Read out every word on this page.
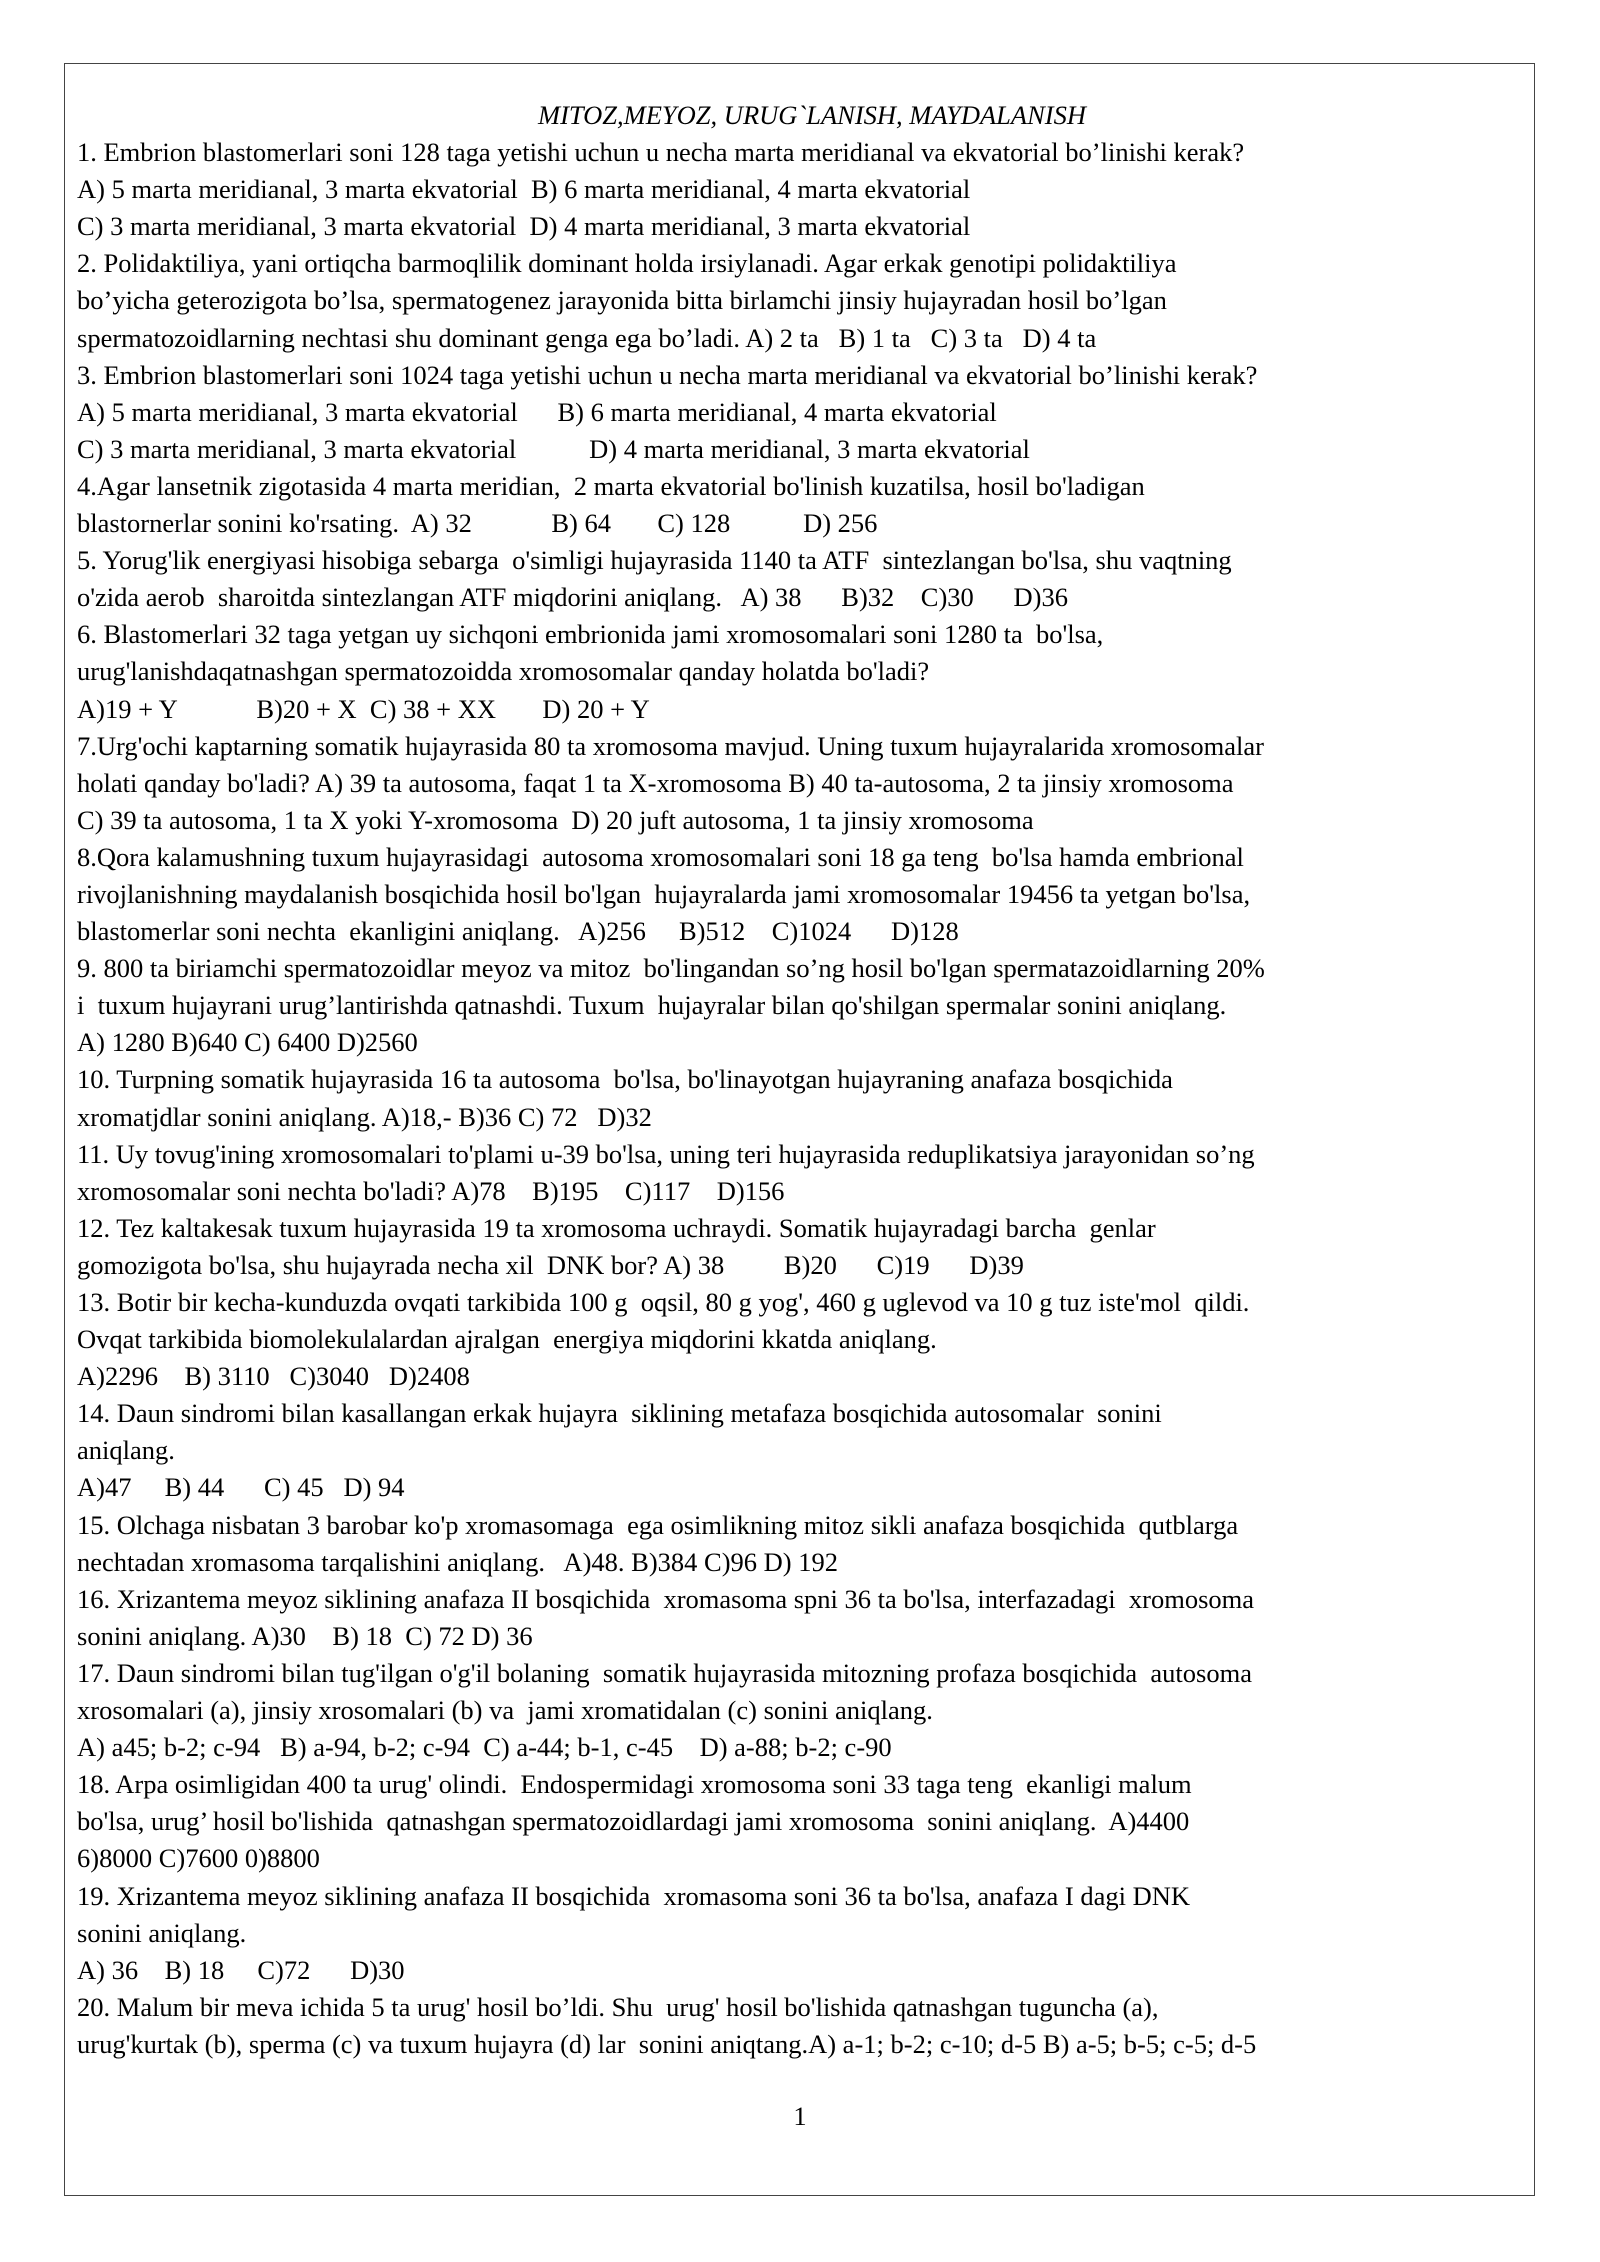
MITOZ,MEYOZ, URUG`LANISH, MAYDALANISH

1. Embrion blastomerlari soni 128 taga yetishi uchun u necha marta meridianal va ekvatorial bo’linishi kerak?

A) 5 marta meridianal, 3 marta ekvatorial  B) 6 marta meridianal, 4 marta ekvatorial

C) 3 marta meridianal, 3 marta ekvatorial  D) 4 marta meridianal, 3 marta ekvatorial

2. Polidaktiliya, yani ortiqcha barmoqlilik dominant holda irsiylanadi. Agar erkak genotipi polidaktiliya

bo’yicha geterozigota bo’lsa, spermatogenez jarayonida bitta birlamchi jinsiy hujayradan hosil bo’lgan

spermatozoidlarning nechtasi shu dominant genga ega bo’ladi. A) 2 ta   B) 1 ta   C) 3 ta   D) 4 ta

3. Embrion blastomerlari soni 1024 taga yetishi uchun u necha marta meridianal va ekvatorial bo’linishi kerak?

A) 5 marta meridianal, 3 marta ekvatorial      B) 6 marta meridianal, 4 marta ekvatorial

C) 3 marta meridianal, 3 marta ekvatorial           D) 4 marta meridianal, 3 marta ekvatorial

4.Agar lansetnik zigotasida 4 marta meridian,  2 marta ekvatorial bo'linish kuzatilsa, hosil bo'ladigan

blastornerlar sonini ko'rsating.  A) 32            B) 64       C) 128           D) 256

5. Yorug'lik energiyasi hisobiga sebarga  o'simligi hujayrasida 1140 ta ATF  sintezlangan bo'lsa, shu vaqtning

o'zida aerob  sharoitda sintezlangan ATF miqdorini aniqlang.   A) 38      B)32    C)30      D)36

6. Blastomerlari 32 taga yetgan uy sichqoni embrionida jami xromosomalari soni 1280 ta  bo'lsa,

urug'lanishdaqatnashgan spermatozoidda xromosomalar qanday holatda bo'ladi?

A)19 + Y            B)20 + X  C) 38 + XX       D) 20 + Y

7.Urg'ochi kaptarning somatik hujayrasida 80 ta xromosoma mavjud. Uning tuxum hujayralarida xromosomalar

holati qanday bo'ladi? A) 39 ta autosoma, faqat 1 ta X-xromosoma B) 40 ta-autosoma, 2 ta jinsiy xromosoma

C) 39 ta autosoma, 1 ta X yoki Y-xromosoma  D) 20 juft autosoma, 1 ta jinsiy xromosoma

8.Qora kalamushning tuxum hujayrasidagi  autosoma xromosomalari soni 18 ga teng  bo'lsa hamda embrional

rivojlanishning maydalanish bosqichida hosil bo'lgan  hujayralarda jami xromosomalar 19456 ta yetgan bo'lsa,

blastomerlar soni nechta  ekanligini aniqlang.   A)256     B)512    C)1024      D)128

9. 800 ta biriamchi spermatozoidlar meyoz va mitoz  bo'lingandan so’ng hosil bo'lgan spermatazoidlarning 20%

i  tuxum hujayrani urug’lantirishda qatnashdi. Tuxum  hujayralar bilan qo'shilgan spermalar sonini aniqlang.

A) 1280 B)640 C) 6400 D)2560

10. Turpning somatik hujayrasida 16 ta autosoma  bo'lsa, bo'linayotgan hujayraning anafaza bosqichida

xromatjdlar sonini aniqlang. A)18,- B)36 C) 72   D)32

11. Uy tovug'ining xromosomalari to'plami u-39 bo'lsa, uning teri hujayrasida reduplikatsiya jarayonidan so’ng

xromosomalar soni nechta bo'ladi? A)78    B)195    C)117    D)156

12. Tez kaltakesak tuxum hujayrasida 19 ta xromosoma uchraydi. Somatik hujayradagi barcha  genlar

gomozigota bo'lsa, shu hujayrada necha xil  DNK bor? A) 38         B)20      C)19      D)39

13. Botir bir kecha-kunduzda ovqati tarkibida 100 g  oqsil, 80 g yog', 460 g uglevod va 10 g tuz iste'mol  qildi.

Ovqat tarkibida biomolekulalardan ajralgan  energiya miqdorini kkatda aniqlang.

A)2296    B) 3110   C)3040   D)2408

14. Daun sindromi bilan kasallangan erkak hujayra  siklining metafaza bosqichida autosomalar  sonini

aniqlang.

A)47     B) 44      C) 45   D) 94

15. Olchaga nisbatan 3 barobar ko'p xromasomaga  ega osimlikning mitoz sikli anafaza bosqichida  qutblarga

nechtadan xromasoma tarqalishini aniqlang.   A)48. B)384 C)96 D) 192

16. Xrizantema meyoz siklining anafaza II bosqichida  xromasoma spni 36 ta bo'lsa, interfazadagi  xromosoma

sonini aniqlang. A)30    B) 18  C) 72 D) 36

17. Daun sindromi bilan tug'ilgan o'g'il bolaning  somatik hujayrasida mitozning profaza bosqichida  autosoma

xrosomalari (a), jinsiy xrosomalari (b) va  jami xromatidalan (c) sonini aniqlang.

A) a45; b-2; c-94   B) a-94, b-2; c-94  C) a-44; b-1, c-45    D) a-88; b-2; c-90

18. Arpa osimligidan 400 ta urug' olindi.  Endospermidagi xromosoma soni 33 taga teng  ekanligi malum

bo'lsa, urug’ hosil bo'lishida  qatnashgan spermatozoidlardagi jami xromosoma  sonini aniqlang.  A)4400

6)8000 C)7600 0)8800

19. Xrizantema meyoz siklining anafaza II bosqichida  xromasoma soni 36 ta bo'lsa, anafaza I dagi DNK

sonini aniqlang.

A) 36    B) 18     C)72      D)30

20. Malum bir meva ichida 5 ta urug' hosil bo’ldi. Shu  urug' hosil bo'lishida qatnashgan tuguncha (a),

urug'kurtak (b), sperma (c) va tuxum hujayra (d) lar  sonini aniqtang.A) a-1; b-2; c-10; d-5 B) a-5; b-5; c-5; d-5

1
